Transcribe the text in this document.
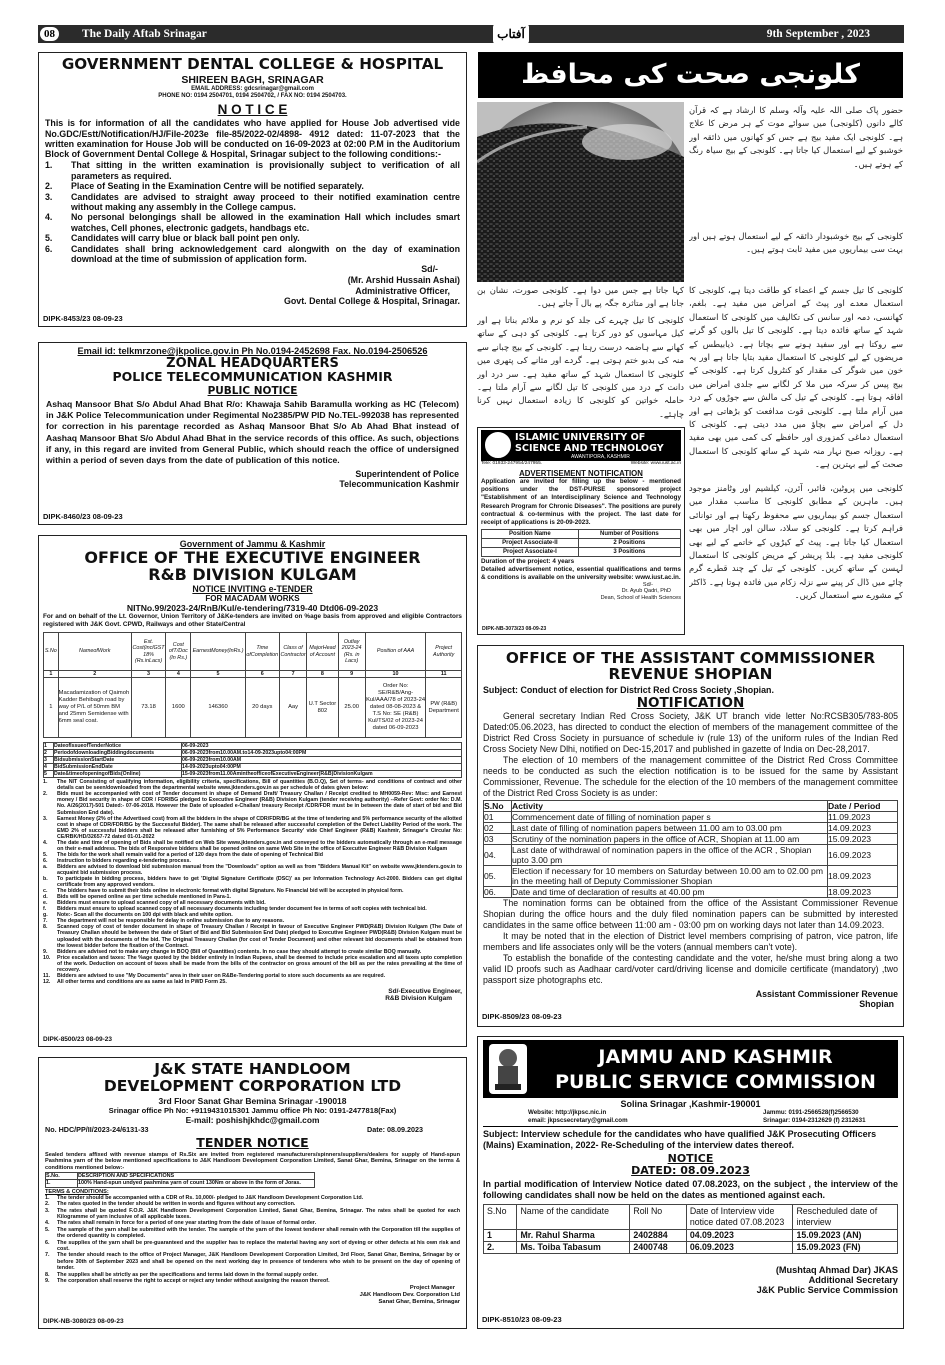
08	The Daily Aftab Srinagar	آفتاب	9th September , 2023
GOVERNMENT DENTAL COLLEGE & HOSPITAL
SHIREEN BAGH, SRINAGAR
EMAIL ADDRESS: gdcsrinagar@gmail.com
PHONE NO: 0194 2504701, 0194 2504702, / FAX NO: 0194 2504703.
N O T I C E
This is for information of all the candidates who have applied for House Job advertised vide No.GDC/Estt/Notification/HJ/File-2023e file-85/2022-02/4898- 4912 dated: 11-07-2023 that the written examination for House Job will be conducted on 16-09-2023 at 02:00 P.M in the Auditorium Block of Government Dental College & Hospital, Srinagar subject to the following conditions:-
1.	That sitting in the written examination is provisionally subject to verification of all parameters as required.
2.	Place of Seating in the Examination Centre will be notified separately.
3.	Candidates are advised to straight away proceed to their notified examination centre without making any assembly in the College campus.
4.	No personal belongings shall be allowed in the examination Hall which includes smart watches, Cell phones, electronic gadgets, handbags etc.
5.	Candidates will carry blue or black ball point pen only.
6.	Candidates shall bring acknowledgement card alongwith on the day of examination download at the time of submission of application form.
Sd/-
(Mr. Arshid Hussain Ashai)
Administrative Officer,
Govt. Dental College & Hospital, Srinagar.
DIPK-8453/23 08-09-23
Email id: telkmrzone@jkpolice.gov.in Ph No.0194-2452698 Fax. No.0194-2506526
ZONAL HEADQUARTERS
POLICE TELECOMMUNICATION KASHMIR
PUBLIC NOTICE
Ashaq Mansoor Bhat S/o Abdul Ahad Bhat R/o: Khawaja Sahib Baramulla working as HC (Telecom) in J&K Police Telecommunication under Regimental No2385/PW PID No.TEL-992038 has represented for correction in his parentage recorded as Ashaq Mansoor Bhat S/o Ab Ahad Bhat instead of Aashaq Mansoor Bhat S/o Abdul Ahad Bhat in the service records of this office. As such, objections if any, in this regard are invited from General Public, which should reach the office of undersigned within a period of seven days from the date of publication of this notice.
Superintendent of Police
Telecommunication Kashmir
DIPK-8460/23 08-09-23
Government of Jammu & Kashmir
OFFICE OF THE EXECUTIVE ENGINEER
R&B DIVISION KULGAM
NOTICE INVITING e-TENDER
FOR MACADAM WORKS
NITNo.99/2023-24/RnB/Kul/e-tendering/7319-40 Dtd06-09-2023
For and on behalf of the Lt. Governor, Union Territory of J&Ke-tenders are invited on %age basis from approved and eligible Contractors registered with J&K Govt. CPWD, Railways and other State/Central
S.No	NameofWork	Est. Cost(inclGST 18% (Rs.inLacs)	Cost ofT/Doc (In Rs.)	EarnestMoney(InRs.)	Time ofCompletion	Class of Contractor	MajorHead of Account	Outlay 2023-24 (Rs. in Lacs)	Position of AAA	Project Authority
1	2	3	4	5	6	7	8	9	10	11
1	Macadamization of Qaimoh Kadder Behibagh road by way of P/L of 50mm BM and 25mm Semidense with 6mm seal coat.	73.18	1600	146360	20 days	Aay	U.T Sector 802	25.00	Order No: SE/R&B/Ang-Kul/AAA/78 of 2023-24 dated 08-08-2023 & T.S No: SE (R&B) Kul/TS/02 of 2023-24 dated 06-09-2023	PW (R&B) Department
1	DateofIssueofTenderNotice	06-09-2023
2	PeriodofdownloadingBiddingdocuments	06-09-2023from10.00AM.to14-09-2023upto04:00PM
3	BidsubmissionStartDate	06-09-2023from10.00AM
4	BidSubmissionEndDate	14-09-2023upto04:00PM
5	Date&timeofopeningofBids(Online)	15-09-2023from11.00AmintheofficeofExecutiveEngineer(R&B)DivisionKulgam
1.	The NIT Consisting of qualifying information, eligibility criteria, specifications, Bill of quantities (B.O.Q), Set of terms- and conditions of contract and other details can be seen/downloaded from the departmental website www.jktenders.gov.in as per schedule of dates given below:
2.	Bids must be accompanied with cost of Tender document in shape of Demand Draft/ Treasury Challan / Receipt credited to MH0059-Rev: Misc: and Earnest money / Bid security in shape of CDR / FDR/BG pledged to Executive Engineer (R&B) Division Kulgam (tender receiving authority) --Refer Govt: order No: D.M. No. A/26(2017)-501 Dated:- 07-06-2018. However the Date of uploaded e-Challan/ treasury Receipt /CDR/FDR must be in between the date of start of bid and Bid Submission End date).
3.	Earnest Money (2% of the Advertised cost) from all the bidders in the shape of CDR/FDR/BG at the time of tendering and 5% performance security of the allotted cost in shape of CDR/FDR/BG by the Successful Bidder). The same shall be released after successful completion of the Defect Liability Period of the work. The EMD 2% of successful bidders shall be released after furnishing of 5% Performance Security' vide Chief Engineer (R&B) Kashmir, Srinagar's Circular No: CE/RBK/HD/32657-72 dated 01-01-2022
4.	The date and time of opening of Bids shall be notified on Web Site www.jktenders.gov.in and conveyed to the bidders automatically through an e-mail message on their e-mail address. The bids of Responsive bidders shall be opened online on same Web Site in the office of Executive Engineer R&B Division Kulgam
5.	The bids for the work shall remain valid for a period of 120 days from the date of opening of Technical Bid
6.	Instruction to bidders regarding e-tendering process.
a.	Bidders are advised to download bid submission manual from the "Downloads" option as well as from "Bidders Manual Kit" on website www.jktenders.gov.in to acquaint bid submission process.
b.	To participate in bidding process, bidders have to get 'Digital Signature Certificate (DSC)' as per Information Technology Act-2000. Bidders can get digital certificate from any approved vendors.
c.	The bidders have to submit their bids online in electronic format with digital Signature. No Financial bid will be accepted in physical form.
d.	Bids will be opened online as per time schedule mentioned in Para-1.
e.	Bidders must ensure to upload scanned copy of all necessary documents with bid.
f.	Bidders must ensure to upload scanned copy of all necessary documents including tender document fee in terms of soft copies with technical bid.
g.	Note:- Scan all the documents on 100 dpi with black and white option.
7.	The department will not be responsible for delay in online submission due to any reasons.
8.	Scanned copy of cost of tender document in shape of Treasury Challan / Receipt in favour of Executive Engineer PWD(R&B) Division Kulgam (The Date of Treasury Challan should be between the date of Start of Bid and Bid Submission End Date) pledged to Executive Engineer PWD(R&B) Division Kulgam must be uploaded with the documents of the bid. The Original Treasury Challan (for cost of Tender Document) and other relevant bid documents shall be obtained from the lowest bidder before the fixation of the Contract.
9.	Bidders are advised not to make any change in BOQ (Bill of Quantities) contents. In no case they should attempt to create similar BOQ manually.
10.	Price escalation and taxes: The %age quoted by the bidder entirely in Indian Rupees, shall be deemed to include price escalation and all taxes upto completion of the work. Deduction on account of taxes shall be made from the bills of the contractor on gross amount of the bill as per the rates prevailing at the time of recovery.
11.	Bidders are advised to use "My Documents" area in their user on R&Be-Tendering portal to store such documents as are required.
12.	All other terms and conditions are as same as laid in PWD Form 25.
Sd/-Executive Engineer,
R&B Division Kulgam
DIPK-8500/23 08-09-23
J&K STATE HANDLOOM
DEVELOPMENT CORPORATION LTD
3rd Floor Sanat Ghar Bemina Srinagar -190018
Srinagar office Ph No: +9119431015301 Jammu office Ph No: 0191-2477818(Fax)
E-mail: poshishjkhdc@gmail.com
No. HDC/PP/II/2023-24/6131-33	Date: 08.09.2023
TENDER NOTICE
Sealed tenders affixed with revenue stamps of Rs.Six are invited from registered manufacturers/spinners/suppliers/dealers for supply of Hand-spun Pashmina yarn of the below mentioned specifications to J&K Handloom Development Corporation Limited, Sanat Ghar, Bemina, Srinagar on the terms & conditions mentioned below:-
S.No.	DESCRIPTION AND SPECIFICATIONS
1.	100% Hand-spun undyed pashmina yarn of count 130Nm or above in the form of Joras.
TERMS & CONDITIONS:
1.	The tender should be accompanied with a CDR of Rs. 10,000/- pledged to J&K Handloom Development Corporation Ltd.
2.	The rates quoted in the tender should be written in words and figures without any correction.
3.	The rates shall be quoted F.O.R. J&K Handloom Development Corporation Limited, Sanat Ghar, Bemina, Srinagar. The rates shall be quoted for each Kilogramme of yarn inclusive of all applicable taxes.
4.	The rates shall remain in force for a period of one year starting from the date of issue of formal order.
5.	The sample of the yarn shall be submitted with the tender. The sample of the yarn of the lowest tenderer shall remain with the Corporation till the supplies of the ordered quantity is completed.
6.	The supplies of the yarn shall be pre-guaranteed and the supplier has to replace the material having any sort of dyeing or other defects at his own risk and cost.
7.	The tender should reach to the office of Project Manager, J&K Handloom Development Corporation Limited, 3rd Floor, Sanat Ghar, Bemina, Srinagar by or before 30th of September 2023 and shall be opened on the next working day in presence of tenderers who wish to be present on the day of opening of tender.
8.	The supplies shall be strictly as per the specifications and terms laid down in the formal supply order.
9.	The corporation shall reserve the right to accept or reject any tender without assigning the reason thereof.
Project Manager
J&K Handloom Dev. Corporation Ltd
Sanat Ghar, Bemina, Srinagar
DIPK-NB-3080/23 08-09-23
کلونجی صحت کی محافظ
حضور پاک صلی اللہ علیہ وآلہ وسلم کا ارشاد ہے کہ قرآن کالے دانوں (کلونجی) میں سوائے موت کے ہر مرض کا علاج ہے۔ کلونجی ایک مفید بیج ہے جس کو کھانوں میں ذائقہ اور خوشبو کے لیے استعمال کیا جاتا ہے۔ کلونجی کے بیج سیاہ رنگ کے ہوتے ہیں۔
کلونجی کے بیج خوشبودار ذائقہ کے لیے استعمال ہوتے ہیں اور بہت سی بیماریوں میں مفید ثابت ہوتے ہیں۔
کہا جاتا ہے جس میں دوا ہے۔ کلونجی صورت، نشان بن جاتا ہے اور متاثرہ جگہ پے بال آ جاتے ہیں۔
کلونجی کا تیل جسم کے اعضاء کو طاقت دیتا ہے، کلونجی کا استعمال معدے اور پیٹ کے امراض میں مفید ہے۔ بلغم، کھانسی، دمہ اور سانس کی تکالیف میں کلونجی کا استعمال شہد کے ساتھ فائدہ دیتا ہے۔ کلونجی کا تیل بالوں کو گرنے سے روکتا ہے اور سفید ہونے سے بچاتا ہے۔ ذیابیطس کے مریضوں کے لیے کلونجی کا استعمال مفید بتایا جاتا ہے اور یہ خون میں شوگر کی مقدار کو کنٹرول کرتا ہے۔ کلونجی کے بیج پیس کر سرکہ میں ملا کر لگانے سے جلدی امراض میں افاقہ ہوتا ہے۔ کلونجی کے تیل کی مالش سے جوڑوں کے درد میں آرام ملتا ہے۔ کلونجی قوت مدافعت کو بڑھاتی ہے اور دل کے امراض سے بچاؤ میں مدد دیتی ہے۔ کلونجی کا استعمال دماغی کمزوری اور حافظے کی کمی میں بھی مفید ہے۔ روزانہ صبح نہار منہ شہد کے ساتھ کلونجی کا استعمال صحت کے لیے بہترین ہے۔
کلونجی کا تیل چہرے کی جلد کو نرم و ملائم بناتا ہے اور کیل مہاسوں کو دور کرتا ہے۔ کلونجی کو دہی کے ساتھ کھانے سے ہاضمہ درست رہتا ہے۔ کلونجی کے بیج چبانے سے منہ کی بدبو ختم ہوتی ہے۔ گردے اور مثانے کی پتھری میں کلونجی کا استعمال شہد کے ساتھ مفید ہے۔ سر درد اور دانت کے درد میں کلونجی کا تیل لگانے سے آرام ملتا ہے۔ حاملہ خواتین کو کلونجی کا زیادہ استعمال نہیں کرنا چاہئے۔
کلونجی میں پروٹین، فائبر، آئرن، کیلشیم اور وٹامنز موجود ہیں۔ ماہرین کے مطابق کلونجی کا مناسب مقدار میں استعمال جسم کو بیماریوں سے محفوظ رکھتا ہے اور توانائی فراہم کرتا ہے۔ کلونجی کو سلاد، سالن اور اچار میں بھی استعمال کیا جاتا ہے۔ پیٹ کے کیڑوں کے خاتمے کے لیے بھی کلونجی مفید ہے۔ بلڈ پریشر کے مریض کلونجی کا استعمال لہسن کے ساتھ کریں۔ کلونجی کے تیل کے چند قطرے گرم چائے میں ڈال کر پینے سے نزلہ زکام میں فائدہ ہوتا ہے۔ ڈاکٹر کے مشورے سے استعمال کریں۔
ISLAMIC UNIVERSITY OF
SCIENCE AND TECHNOLOGY
AWANTIPORA, KASHMIR
Tele: 01933-247954/247955.	Website: www.iust.ac.in
ADVERTISEMENT NOTIFICATION
Application are invited for filling up the below - mentioned positions under the DST-PURSE sponsored project "Establishment of an Interdisciplinary Science and Technology Research Program for Chronic Diseases". The positions are purely contractual & co-terminus with the project. The last date for receipt of applications is 20-09-2023.
Position Name	Number of Positions
Project Associate-II	2 Positions
Project Associate-I	3 Positions
Duration of the project: 4 years
Detailed advertisement notice, essential qualifications and terms & conditions is available on the university website: www.iust.ac.in.
Sd/-
Dr. Ayub Qadri, PhD
Dean, School of Health Sciences
DIPK-NB-3073/23 08-09-23
OFFICE OF THE ASSISTANT COMMISSIONER
REVENUE SHOPIAN
Subject: Conduct of election for District Red Cross Society ,Shopian.
NOTIFICATION
General secretary Indian Red Cross Society, J&K UT branch vide letter No:RCSB305/783-805 Dated:05.06.2023, has directed to conduct the election of members of the management committee of the District Red Cross Society in pursuance of schedule iv (rule 13) of the uniform rules of the Indian Red Cross Society New Dlhi, notified on Dec-15,2017 and published in gazette of India on Dec-28,2017.
The election of 10 members of the management committee of the District Red Cross Committee needs to be conducted as such the election notification is to be issued for the same by Assistant Commissioner, Revenue. The schedule for the election of the 10 members of the management committee of the District Red Cross Society is as under:
S.No	Activity	Date / Period
01	Commencement date of filling of nomination paper s	11.09.2023
02	Last date of filling of nomination papers between 11.00 am to 03.00 pm	14.09.2023
03	Scrutiny of the nomination papers in the office of ACR, Shopian at 11.00 am	15.09.2023
04.	Last date of withdrawal of nomination papers in the office of the ACR , Shopian upto 3.00 pm	16.09.2023
05.	Election if necessary for 10 members on Saturday between 10.00 am to 02.00 pm in the meeting hall of Deputy Commissioner Shopian	18.09.2023
06.	Date and time of declaration of results at 40.00 pm	18.09.2023
The nomination forms can be obtained from the office of the Assistant Commissioner Revenue Shopian during the office hours and the duly filed nomination papers can be submitted by interested candidates in the same office between 11:00 am - 03:00 pm on working days not later than 14.09.2023.
It may be noted that in the election of District level members comprising of patron, vice patron, life members and life associates only will be the voters (annual members can't vote).
To establish the bonafide of the contesting candidate and the voter, he/she must bring along a two valid ID proofs such as Aadhaar card/voter card/driving license and domicile certificate (mandatory) ,two passport size photographs etc.
Assistant Commissioner Revenue
Shopian
DIPK-8509/23 08-09-23
JAMMU AND KASHMIR
PUBLIC SERVICE COMMISSION
Solina Srinagar ,Kashmir-190001
Website: http://jkpsc.nic.in
email: jkpscsecretary@gmail.com
Jammu: 0191-2566528(f)2566530
Srinagar: 0194-2312629 (f) 2312631
Subject: Interview schedule for the candidates who have qualified J&K Prosecuting Officers (Mains) Examination, 2022- Re-Scheduling of the interview dates thereof.
NOTICE
DATED: 08.09.2023
In partial modification of Interview Notice dated 07.08.2023, on the subject , the interview of the following candidates shall now be held on the dates as mentioned against each.
S.No	Name of the candidate	Roll No	Date of Interview vide notice dated 07.08.2023	Rescheduled date of interview
1	Mr. Rahul Sharma	2402884	04.09.2023	15.09.2023 (AN)
2.	Ms. Toiba Tabasum	2400748	06.09.2023	15.09.2023 (FN)
(Mushtaq Ahmad Dar) JKAS
Additional Secretary
J&K Public Service Commission
DIPK-8510/23 08-09-23
